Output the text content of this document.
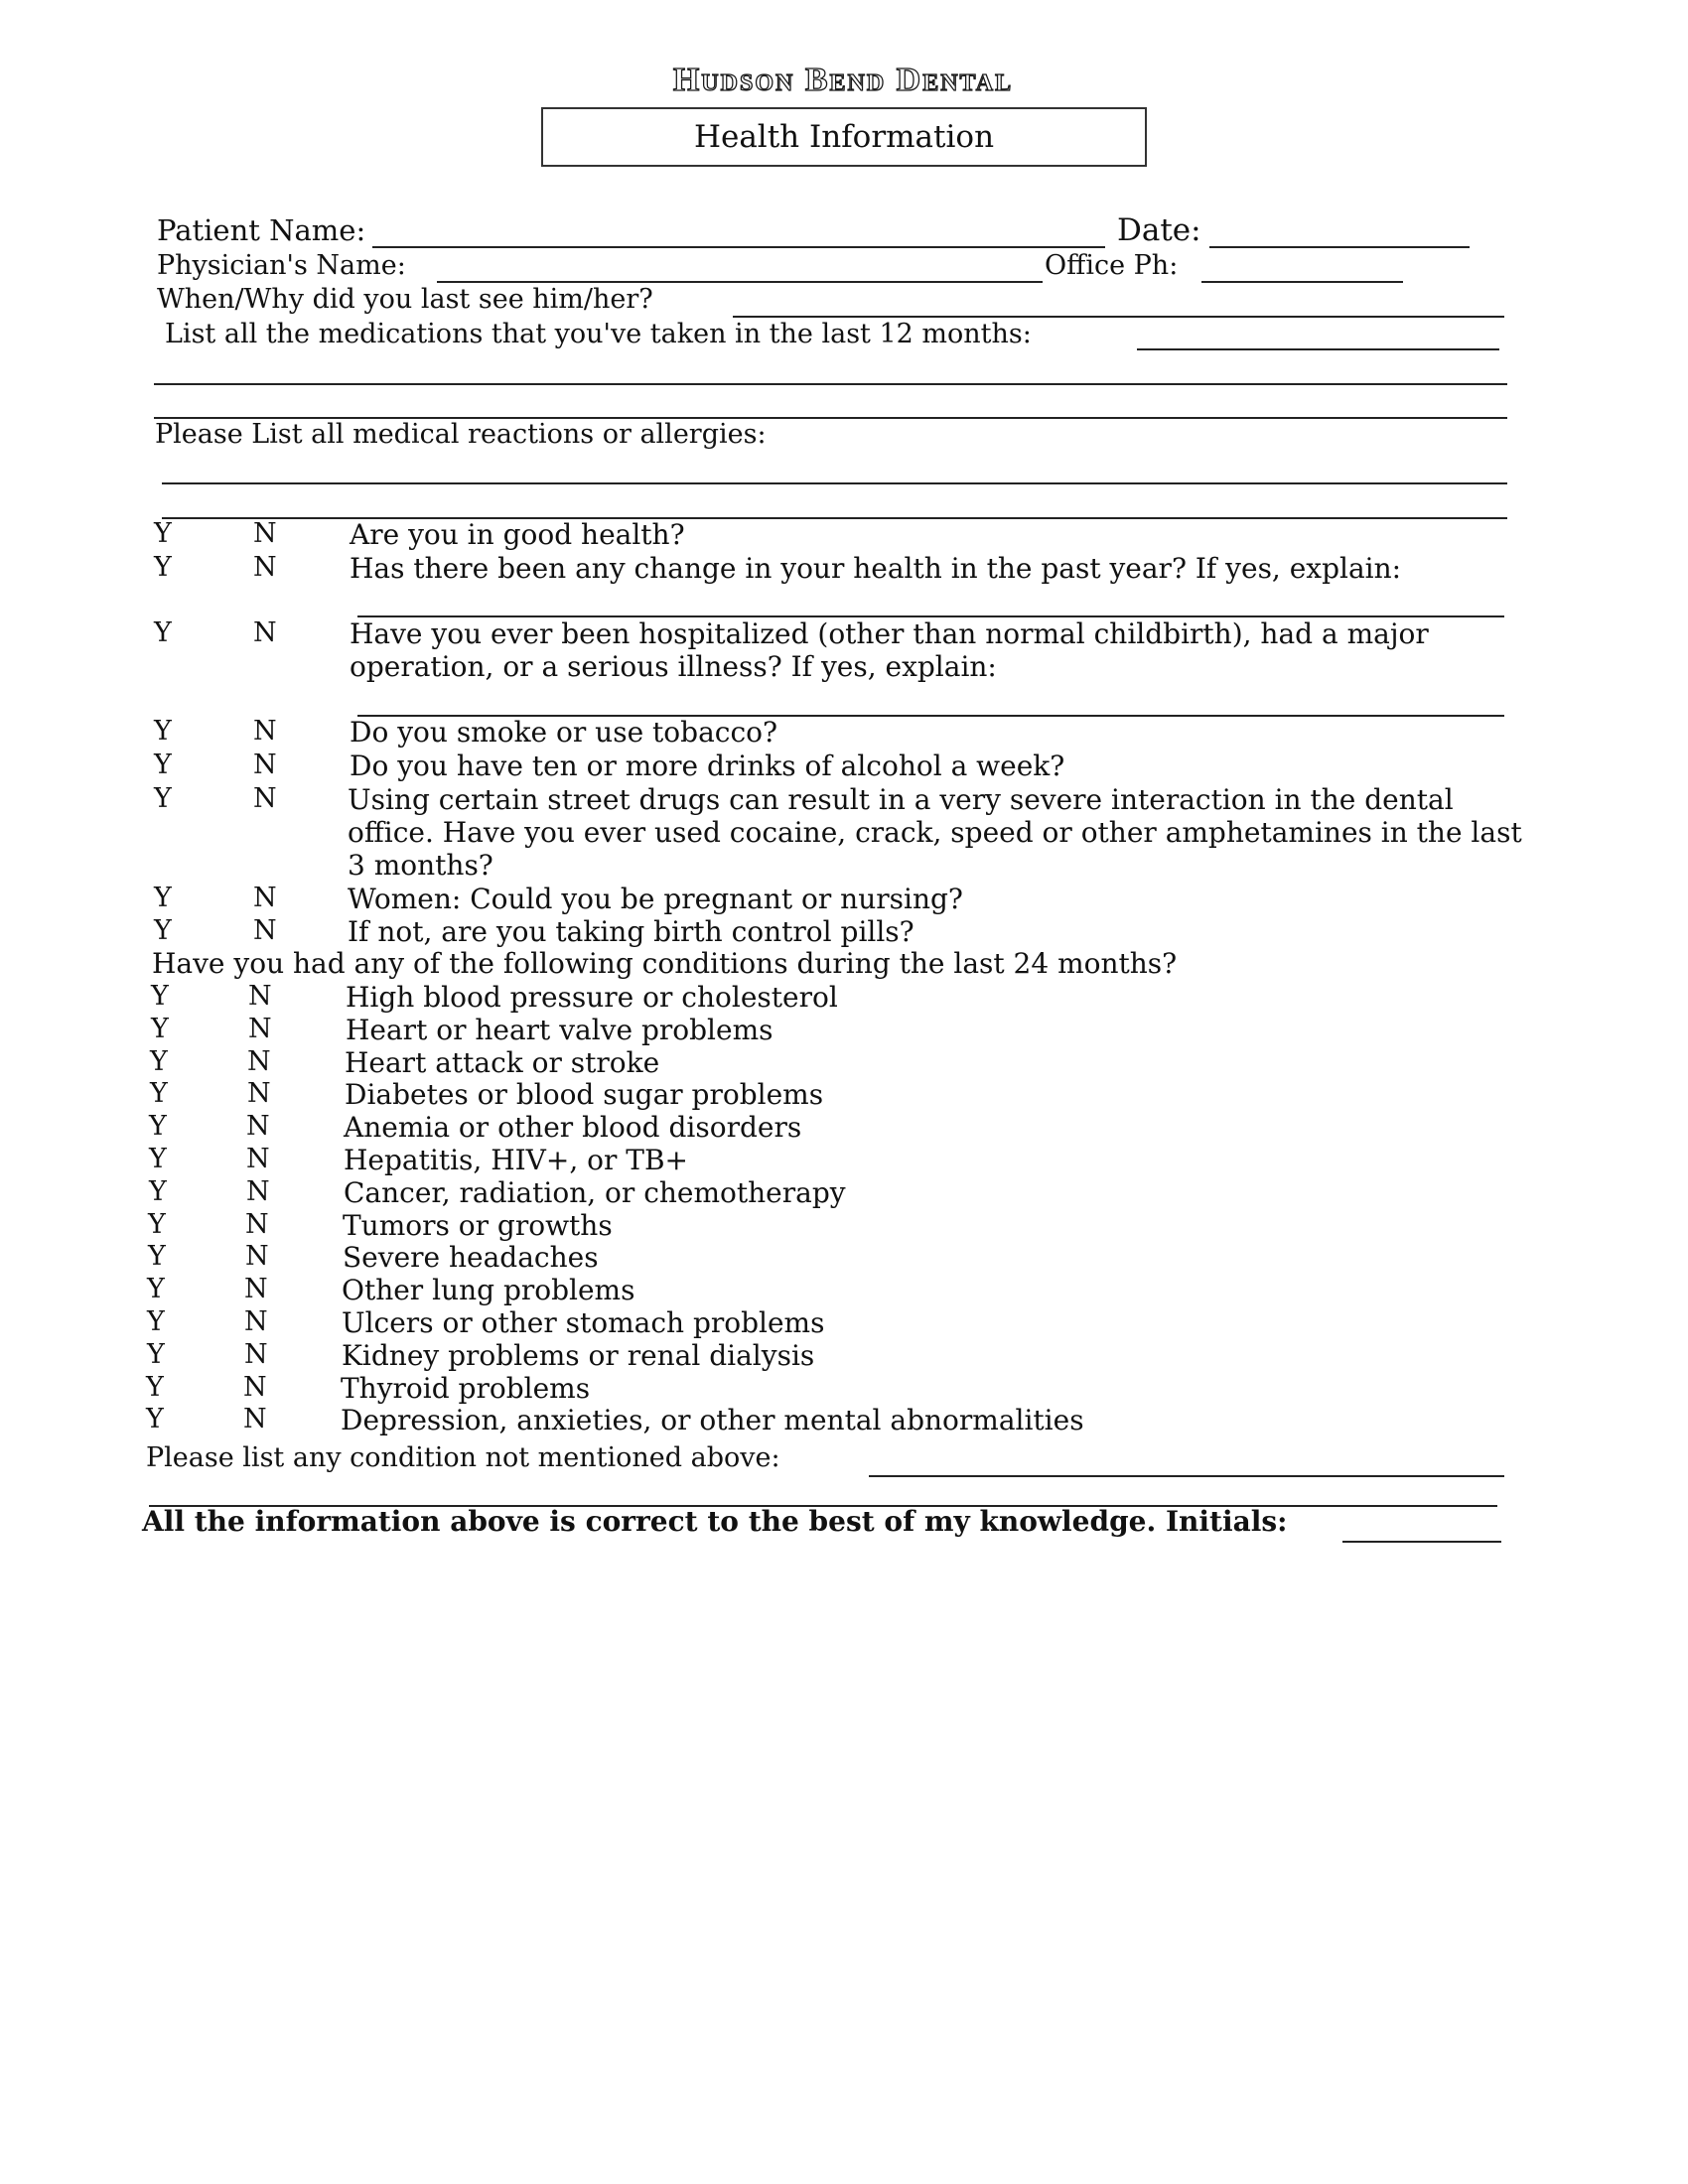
Hudson Bend Dental
Health Information
Patient Name:	Date:
Physician's Name:	Office Ph:
When/Why did you last see him/her?
List all the medications that you've taken in the last 12 months:
Please List all medical reactions or allergies:
Y	N	Are you in good health?
Y	N	Has there been any change in your health in the past year? If yes, explain:
Y	N	Have you ever been hospitalized (other than normal childbirth), had a major operation, or a serious illness? If yes, explain:
Y	N	Do you smoke or use tobacco?
Y	N	Do you have ten or more drinks of alcohol a week?
Y	N	Using certain street drugs can result in a very severe interaction in the dental office. Have you ever used cocaine, crack, speed or other amphetamines in the last 3 months?
Y	N	Women: Could you be pregnant or nursing?
Y	N	If not, are you taking birth control pills?
Have you had any of the following conditions during the last 24 months?
Y	N	High blood pressure or cholesterol
Y	N	Heart or heart valve problems
Y	N	Heart attack or stroke
Y	N	Diabetes or blood sugar problems
Y	N	Anemia or other blood disorders
Y	N	Hepatitis, HIV+, or TB+
Y	N	Cancer, radiation, or chemotherapy
Y	N	Tumors or growths
Y	N	Severe headaches
Y	N	Other lung problems
Y	N	Ulcers or other stomach problems
Y	N	Kidney problems or renal dialysis
Y	N	Thyroid problems
Y	N	Depression, anxieties, or other mental abnormalities
Please list any condition not mentioned above:
All the information above is correct to the best of my knowledge. Initials:
